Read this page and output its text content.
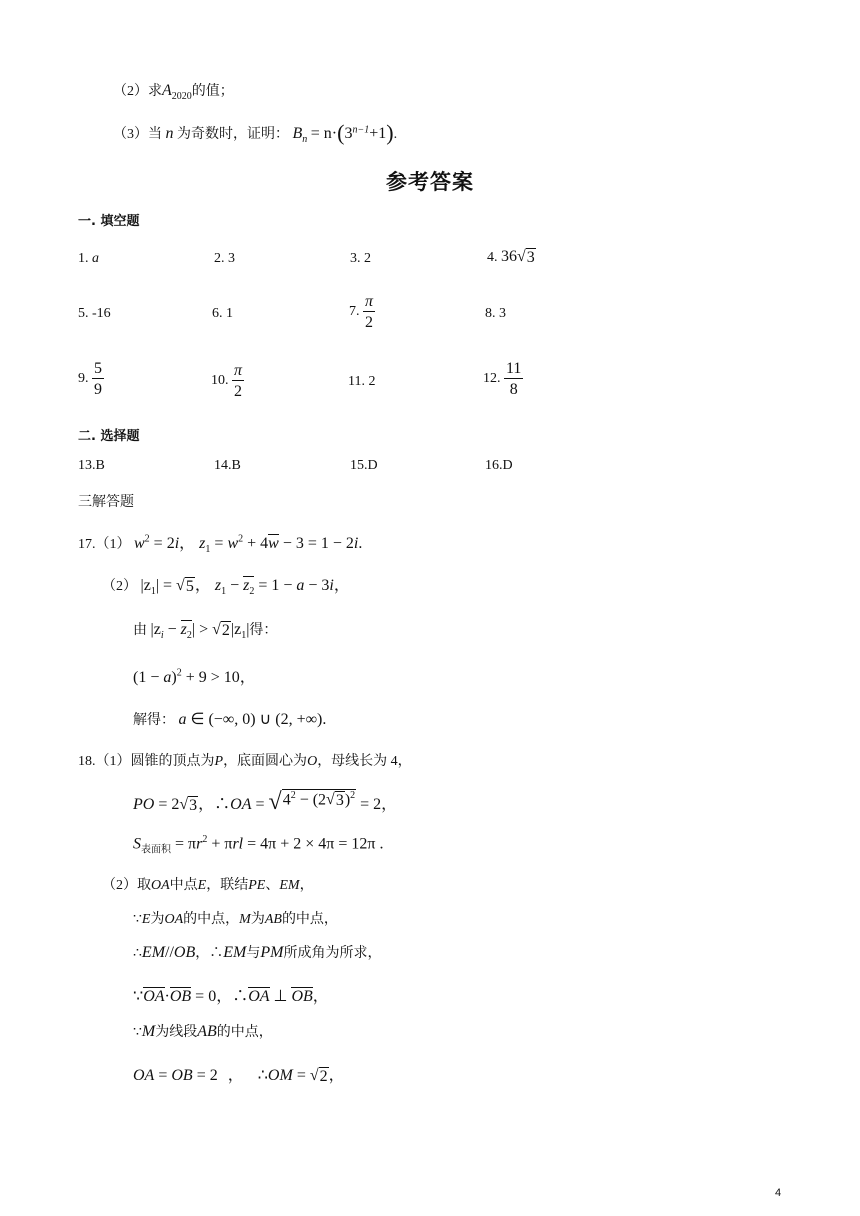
（2）求$A_{2020}$的值；
（3）当 n 为奇数时，证明： $B_n = n\cdot(3^{n-1}+1)$.
参考答案
一. 填空题
1. a	2. 3	3. 2	4. 36 √ 3
5. -16	6. 1	7. $\frac{\pi}{2}$	8. 3
9. $\frac{5}{9}$	10. $\frac{\pi}{2}$	11. 2	12. $\frac{11}{8}$
二. 选择题
13.B	14.B	15.D	16.D
三解答题
17.（1） $w^2 = 2i$， $z_1 = w^2 + 4w - 3 = 1 - 2i$.
（2） $|z_1|$ = √ 5 ， $z_1 - z_2 = 1 - a - 3i$，
由 $|z_i - z_2|$ > √ 2 $|z_1|$得：
$(1 - a)^2 + 9 > 10$，
解得： a ∈ (−∞, 0) ∪ (2, +∞).
18.（1）圆锥的顶点为P，底面圆心为O，母线长为 4，
PO = 2 √ 3 ，∴OA = √ $4^2 - (2$ √ 3 )$^2$
= 2，
$S_{表面积} = \pi r^2 + \pi rl = 4\pi + 2 \times 4\pi = 12\pi$ .
（2）取OA中点E，联结PE、EM，
∵E为OA的中点，M为AB的中点，
∴EM//OB，∴EM与PM所成角为所求，
∵OA·OB = 0，∴OA ⊥ OB，
∵M为线段AB的中点，
OA = OB = 2 ， ∴OM = √ 2 ，
4
